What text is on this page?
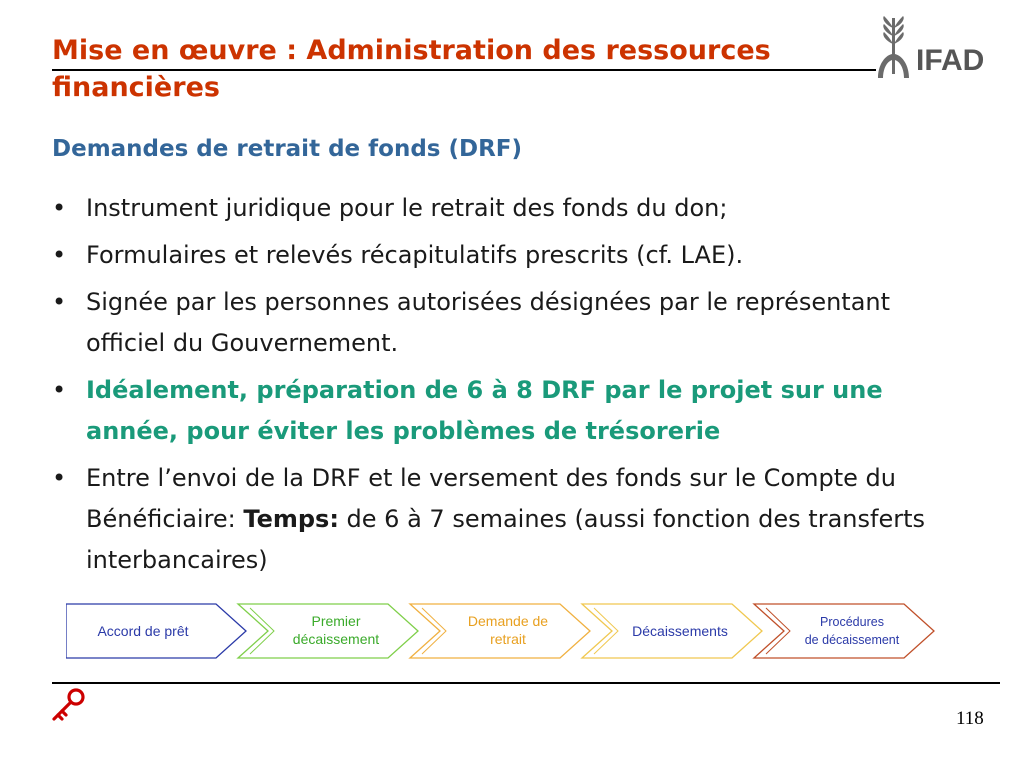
Mise en œuvre : Administration des ressources
financières
IFAD
Demandes de retrait de fonds (DRF)
• Instrument juridique pour le retrait des fonds du don;
• Formulaires et relevés récapitulatifs prescrits (cf. LAE).
• Signée par les personnes autorisées désignées par le représentant officiel du Gouvernement.
• Idéalement, préparation de 6 à 8 DRF par le projet sur une année, pour éviter les problèmes de trésorerie
• Entre l’envoi de la DRF et le versement des fonds sur le Compte du Bénéficiaire: Temps: de 6 à 7 semaines (aussi fonction des transferts interbancaires)
Accord de prêt
Premier
décaissement
Demande de
retrait	Décaissements
Procédures
de décaissement
118
